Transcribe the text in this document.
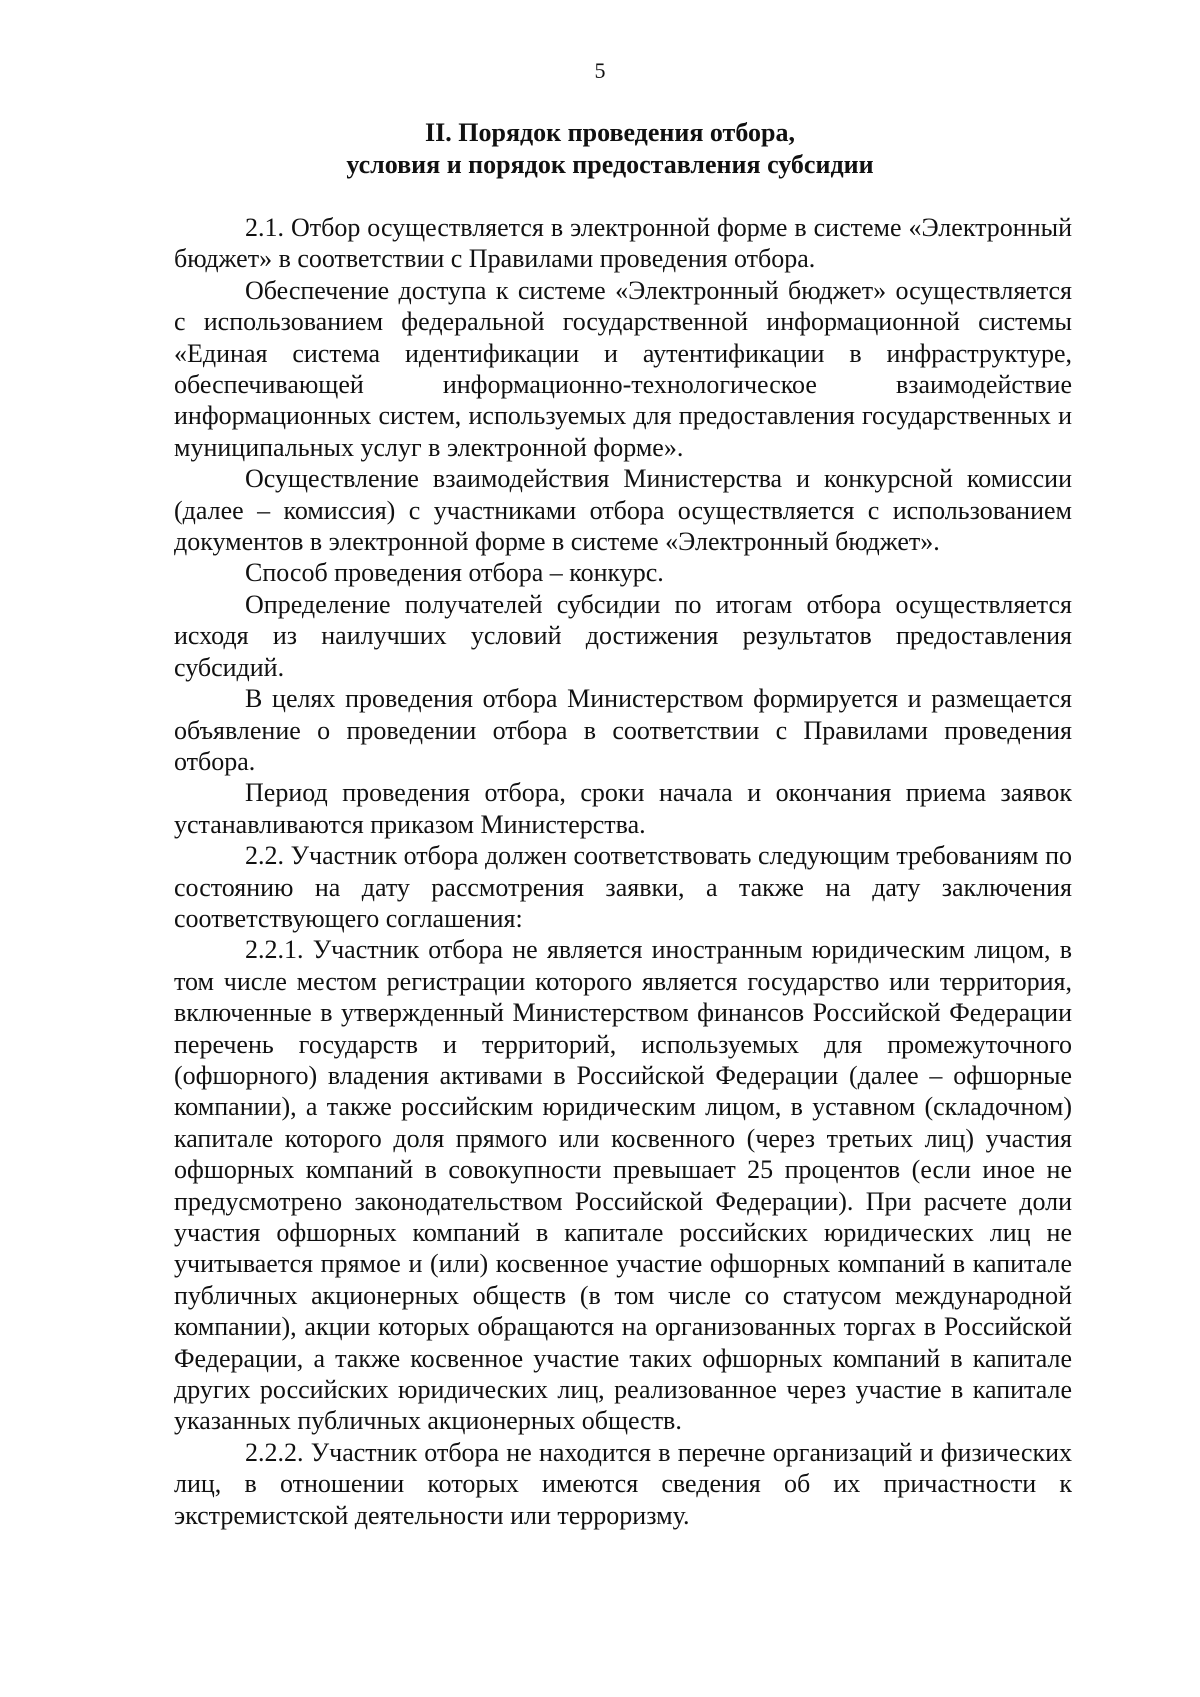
5
II. Порядок проведения отбора,
условия и порядок предоставления субсидии

2.1. Отбор осуществляется в электронной форме в системе «Электронный бюджет» в соответствии с Правилами проведения отбора.

Обеспечение доступа к системе «Электронный бюджет» осуществляется с использованием федеральной государственной информационной системы «Единая система идентификации и аутентификации в инфраструктуре, обеспечивающей информационно-технологическое взаимодействие информационных систем, используемых для предоставления государственных и муниципальных услуг в электронной форме».

Осуществление взаимодействия Министерства и конкурсной комиссии (далее – комиссия) с участниками отбора осуществляется с использованием документов в электронной форме в системе «Электронный бюджет».

Способ проведения отбора – конкурс.

Определение получателей субсидии по итогам отбора осуществляется исходя из наилучших условий достижения результатов предоставления субсидий.

В целях проведения отбора Министерством формируется и размещается объявление о проведении отбора в соответствии с Правилами проведения отбора.

Период проведения отбора, сроки начала и окончания приема заявок устанавливаются приказом Министерства.

2.2. Участник отбора должен соответствовать следующим требованиям по состоянию на дату рассмотрения заявки, а также на дату заключения соответствующего соглашения:

2.2.1. Участник отбора не является иностранным юридическим лицом, в том числе местом регистрации которого является государство или территория, включенные в утвержденный Министерством финансов Российской Федерации перечень государств и территорий, используемых для промежуточного (офшорного) владения активами в Российской Федерации (далее – офшорные компании), а также российским юридическим лицом, в уставном (складочном) капитале которого доля прямого или косвенного (через третьих лиц) участия офшорных компаний в совокупности превышает 25 процентов (если иное не предусмотрено законодательством Российской Федерации). При расчете доли участия офшорных компаний в капитале российских юридических лиц не учитывается прямое и (или) косвенное участие офшорных компаний в капитале публичных акционерных обществ (в том числе со статусом международной компании), акции которых обращаются на организованных торгах в Российской Федерации, а также косвенное участие таких офшорных компаний в капитале других российских юридических лиц, реализованное через участие в капитале указанных публичных акционерных обществ.

2.2.2. Участник отбора не находится в перечне организаций и физических лиц, в отношении которых имеются сведения об их причастности к экстремистской деятельности или терроризму.
